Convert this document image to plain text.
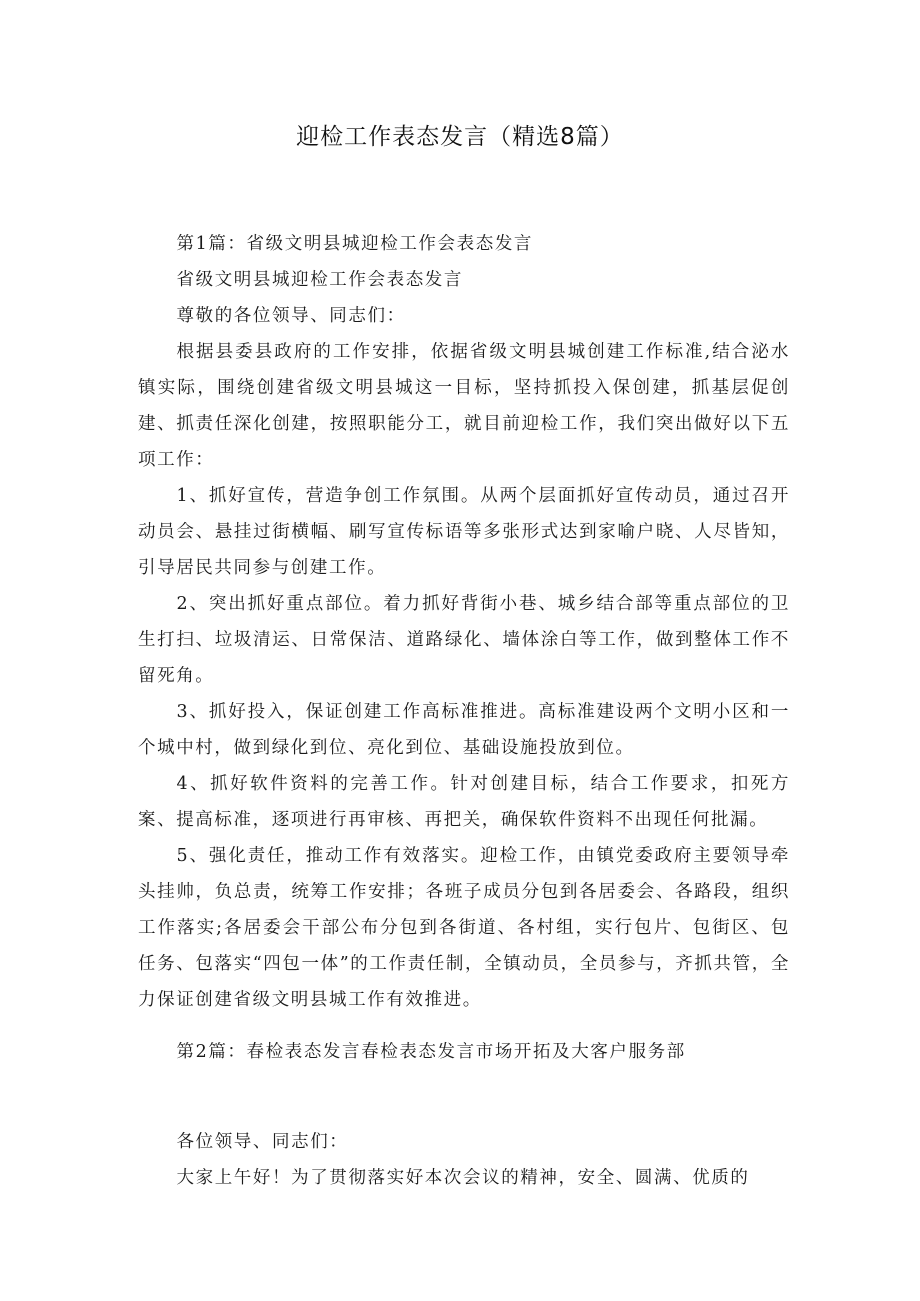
迎检工作表态发言（精选8篇）

第1篇：省级文明县城迎检工作会表态发言

省级文明县城迎检工作会表态发言

尊敬的各位领导、同志们：

根据县委县政府的工作安排，依据省级文明县城创建工作标准,结合泌水镇实际，围绕创建省级文明县城这一目标，坚持抓投入保创建，抓基层促创建、抓责任深化创建，按照职能分工，就目前迎检工作，我们突出做好以下五项工作：

1、抓好宣传，营造争创工作氛围。从两个层面抓好宣传动员，通过召开动员会、悬挂过街横幅、刷写宣传标语等多张形式达到家喻户晓、人尽皆知，引导居民共同参与创建工作。

2、突出抓好重点部位。着力抓好背街小巷、城乡结合部等重点部位的卫生打扫、垃圾清运、日常保洁、道路绿化、墙体涂白等工作，做到整体工作不留死角。

3、抓好投入，保证创建工作高标准推进。高标准建设两个文明小区和一个城中村，做到绿化到位、亮化到位、基础设施投放到位。

4、抓好软件资料的完善工作。针对创建目标，结合工作要求，扣死方案、提高标准，逐项进行再审核、再把关，确保软件资料不出现任何批漏。

5、强化责任，推动工作有效落实。迎检工作，由镇党委政府主要领导牵头挂帅，负总责，统筹工作安排；各班子成员分包到各居委会、各路段，组织工作落实;各居委会干部公布分包到各街道、各村组，实行包片、包街区、包任务、包落实“四包一体”的工作责任制，全镇动员，全员参与，齐抓共管，全力保证创建省级文明县城工作有效推进。

第2篇：春检表态发言春检表态发言市场开拓及大客户服务部

各位领导、同志们：

大家上午好！为了贯彻落实好本次会议的精神，安全、圆满、优质的
